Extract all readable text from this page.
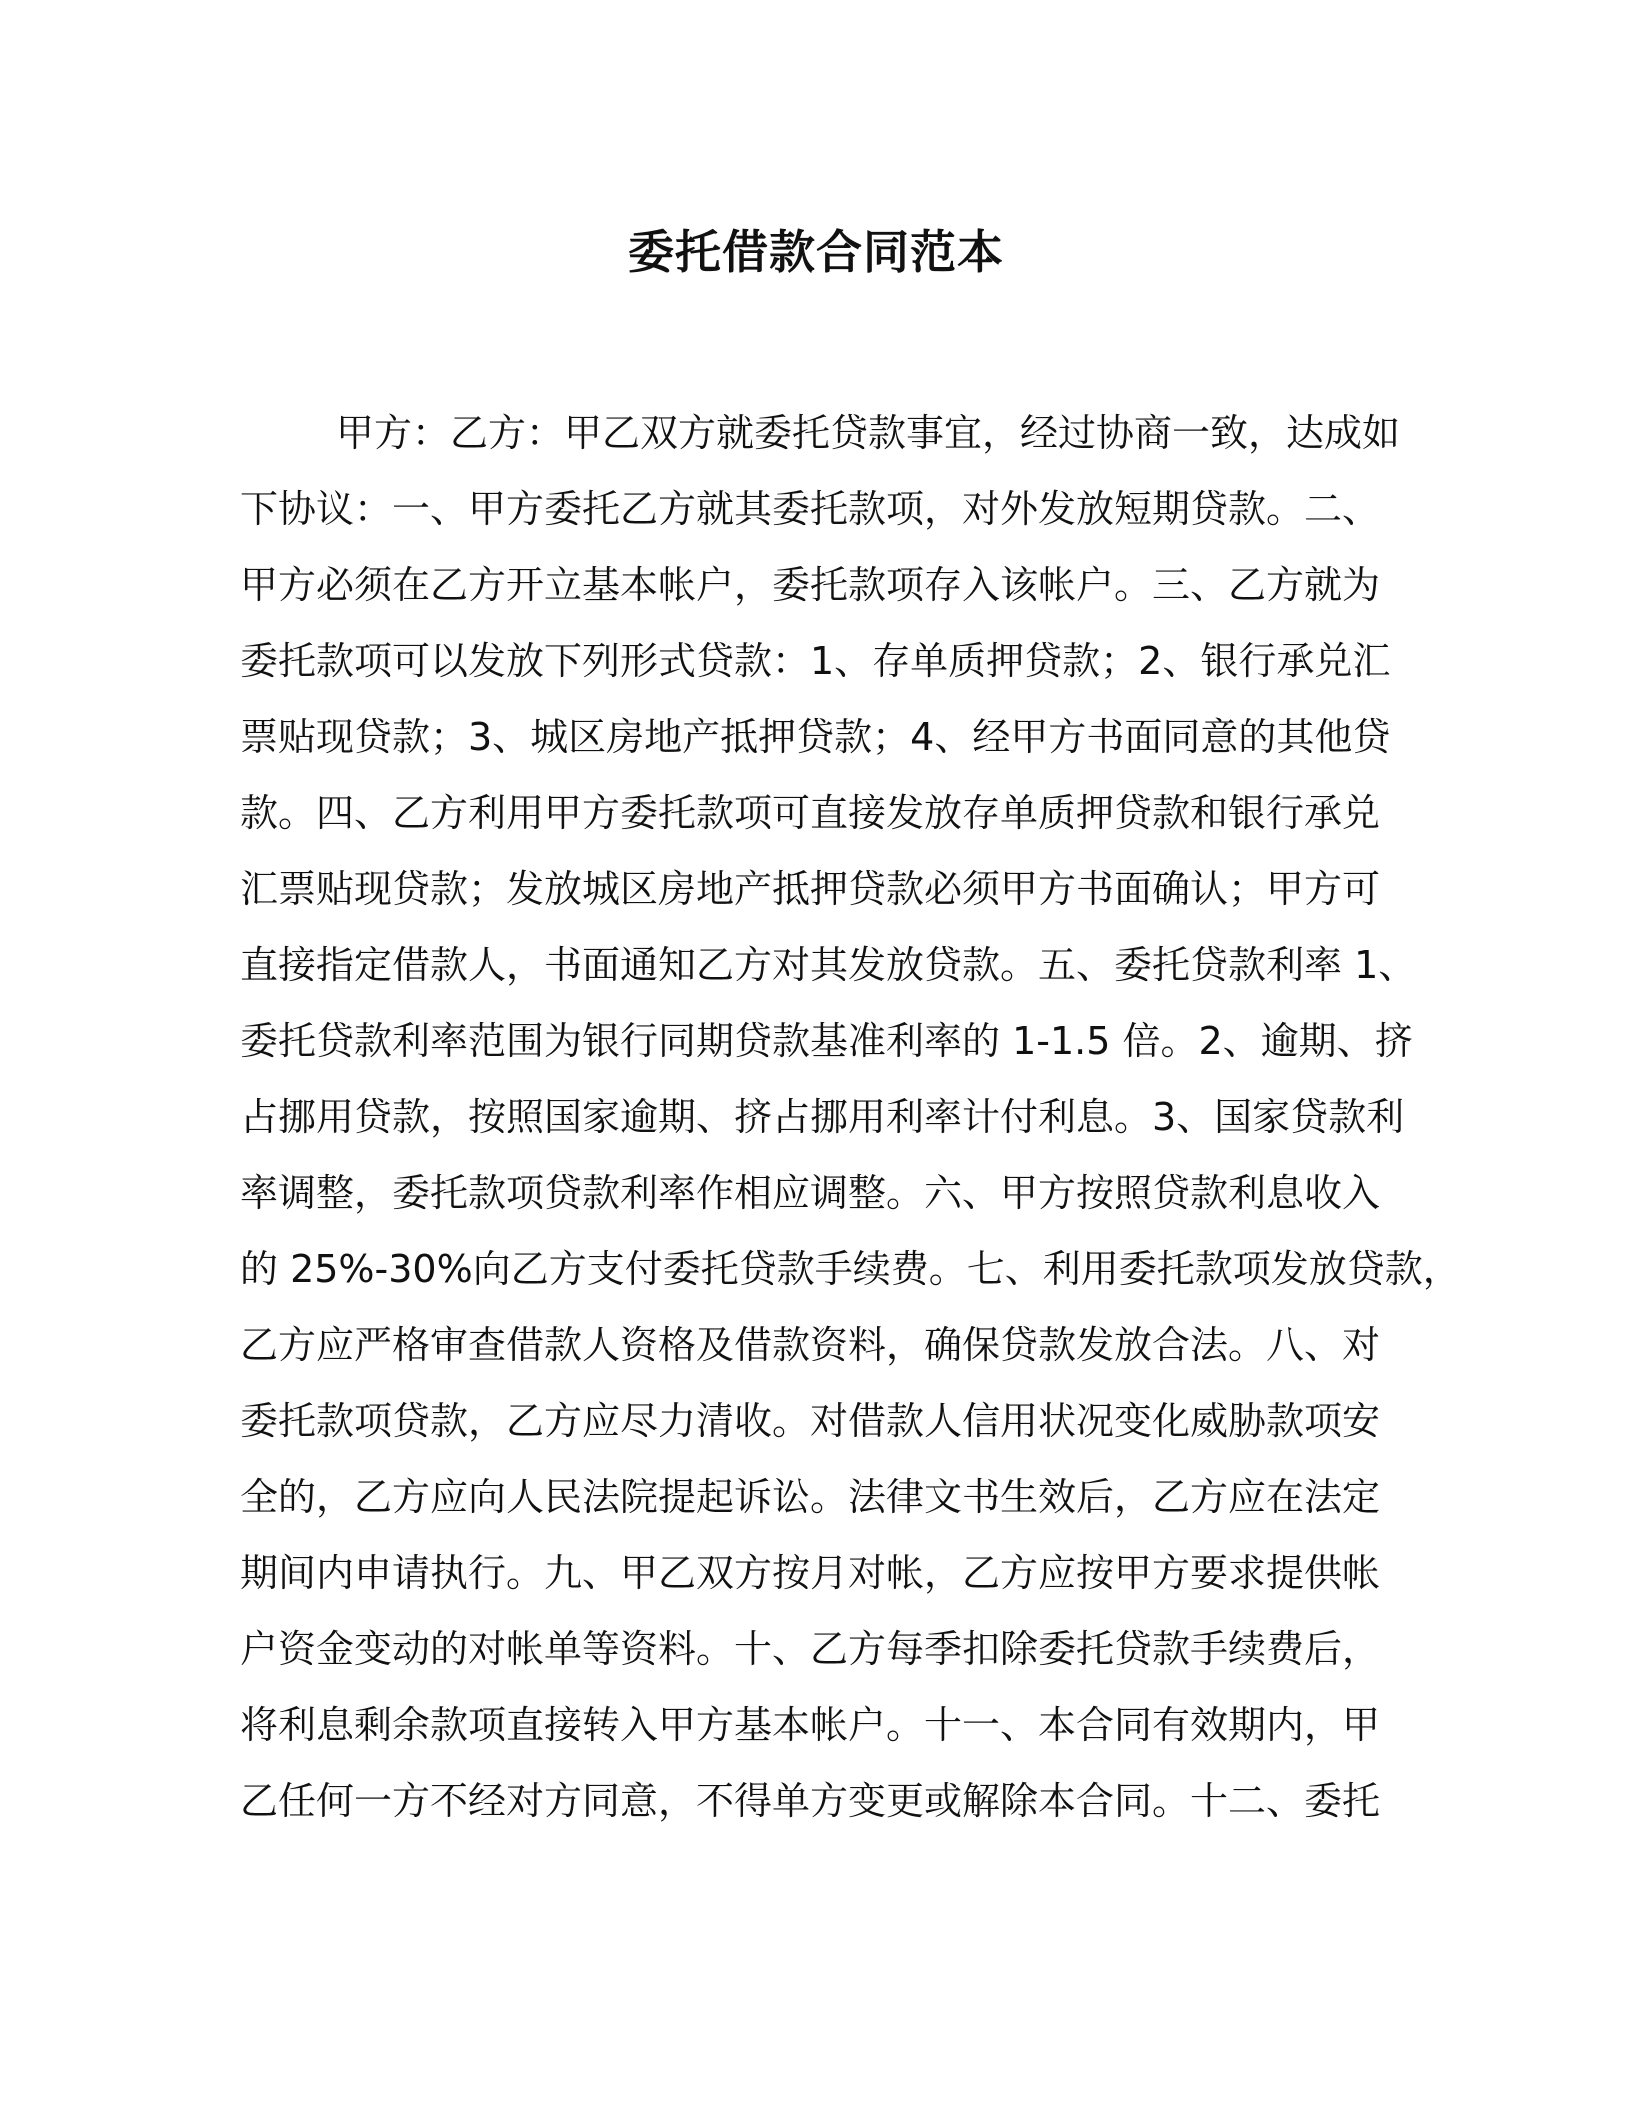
委托借款合同范本
甲方：乙方：甲乙双方就委托贷款事宜，经过协商一致，达成如
下协议：一、甲方委托乙方就其委托款项，对外发放短期贷款。二、
甲方必须在乙方开立基本帐户，委托款项存入该帐户。三、乙方就为
委托款项可以发放下列形式贷款：1、存单质押贷款；2、银行承兑汇
票贴现贷款；3、城区房地产抵押贷款；4、经甲方书面同意的其他贷
款。四、乙方利用甲方委托款项可直接发放存单质押贷款和银行承兑
汇票贴现贷款；发放城区房地产抵押贷款必须甲方书面确认；甲方可
直接指定借款人，书面通知乙方对其发放贷款。五、委托贷款利率 1、
委托贷款利率范围为银行同期贷款基准利率的 1-1.5 倍。2、逾期、挤
占挪用贷款，按照国家逾期、挤占挪用利率计付利息。3、国家贷款利
率调整，委托款项贷款利率作相应调整。六、甲方按照贷款利息收入
的 25%-30%向乙方支付委托贷款手续费。七、利用委托款项发放贷款，
乙方应严格审查借款人资格及借款资料，确保贷款发放合法。八、对
委托款项贷款，乙方应尽力清收。对借款人信用状况变化威胁款项安
全的，乙方应向人民法院提起诉讼。法律文书生效后，乙方应在法定
期间内申请执行。九、甲乙双方按月对帐，乙方应按甲方要求提供帐
户资金变动的对帐单等资料。十、乙方每季扣除委托贷款手续费后，
将利息剩余款项直接转入甲方基本帐户。十一、本合同有效期内，甲
乙任何一方不经对方同意，不得单方变更或解除本合同。十二、委托
